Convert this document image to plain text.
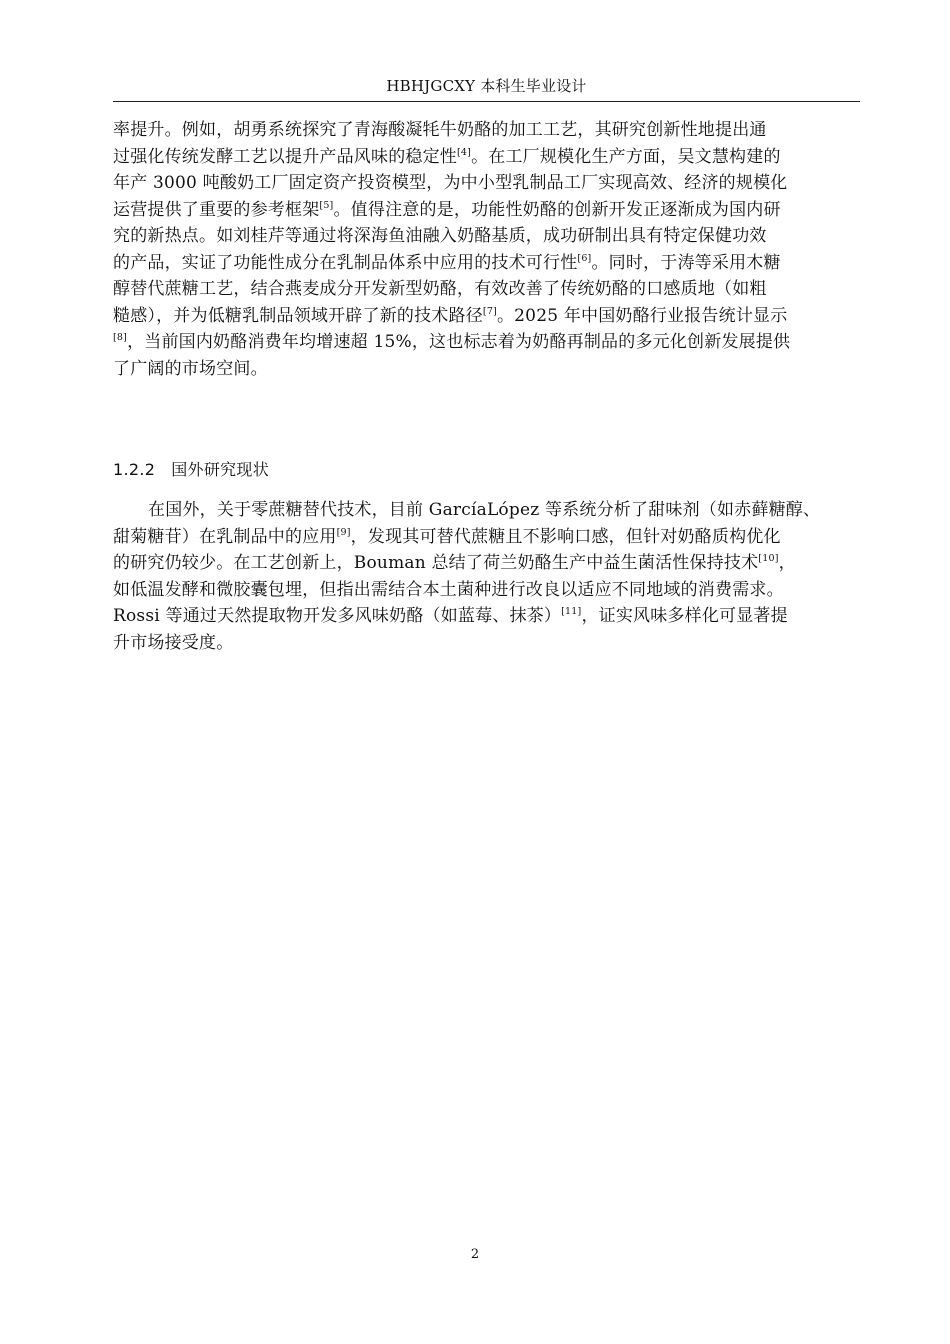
HBHJGCXY 本科生毕业设计
率提升。例如，胡勇系统探究了青海酸凝牦牛奶酪的加工工艺，其研究创新性地提出通
过强化传统发酵工艺以提升产品风味的稳定性[4]。在工厂规模化生产方面，吴文慧构建的
年产 3000 吨酸奶工厂固定资产投资模型，为中小型乳制品工厂实现高效、经济的规模化
运营提供了重要的参考框架[5]。值得注意的是，功能性奶酪的创新开发正逐渐成为国内研
究的新热点。如刘桂芹等通过将深海鱼油融入奶酪基质，成功研制出具有特定保健功效
的产品，实证了功能性成分在乳制品体系中应用的技术可行性[6]。同时，于涛等采用木糖
醇替代蔗糖工艺，结合燕麦成分开发新型奶酪，有效改善了传统奶酪的口感质地（如粗
糙感），并为低糖乳制品领域开辟了新的技术路径[7]。2025 年中国奶酪行业报告统计显示
[8]，当前国内奶酪消费年均增速超 15%，这也标志着为奶酪再制品的多元化创新发展提供
了广阔的市场空间。
1.2.2 国外研究现状
在国外，关于零蔗糖替代技术，目前 GarcíaLópez 等系统分析了甜味剂（如赤藓糖醇、
甜菊糖苷）在乳制品中的应用[9]，发现其可替代蔗糖且不影响口感，但针对奶酪质构优化
的研究仍较少。在工艺创新上，Bouman 总结了荷兰奶酪生产中益生菌活性保持技术[10]，
如低温发酵和微胶囊包埋，但指出需结合本土菌种进行改良以适应不同地域的消费需求。
Rossi 等通过天然提取物开发多风味奶酪（如蓝莓、抹茶）[11]，证实风味多样化可显著提
升市场接受度。
2
